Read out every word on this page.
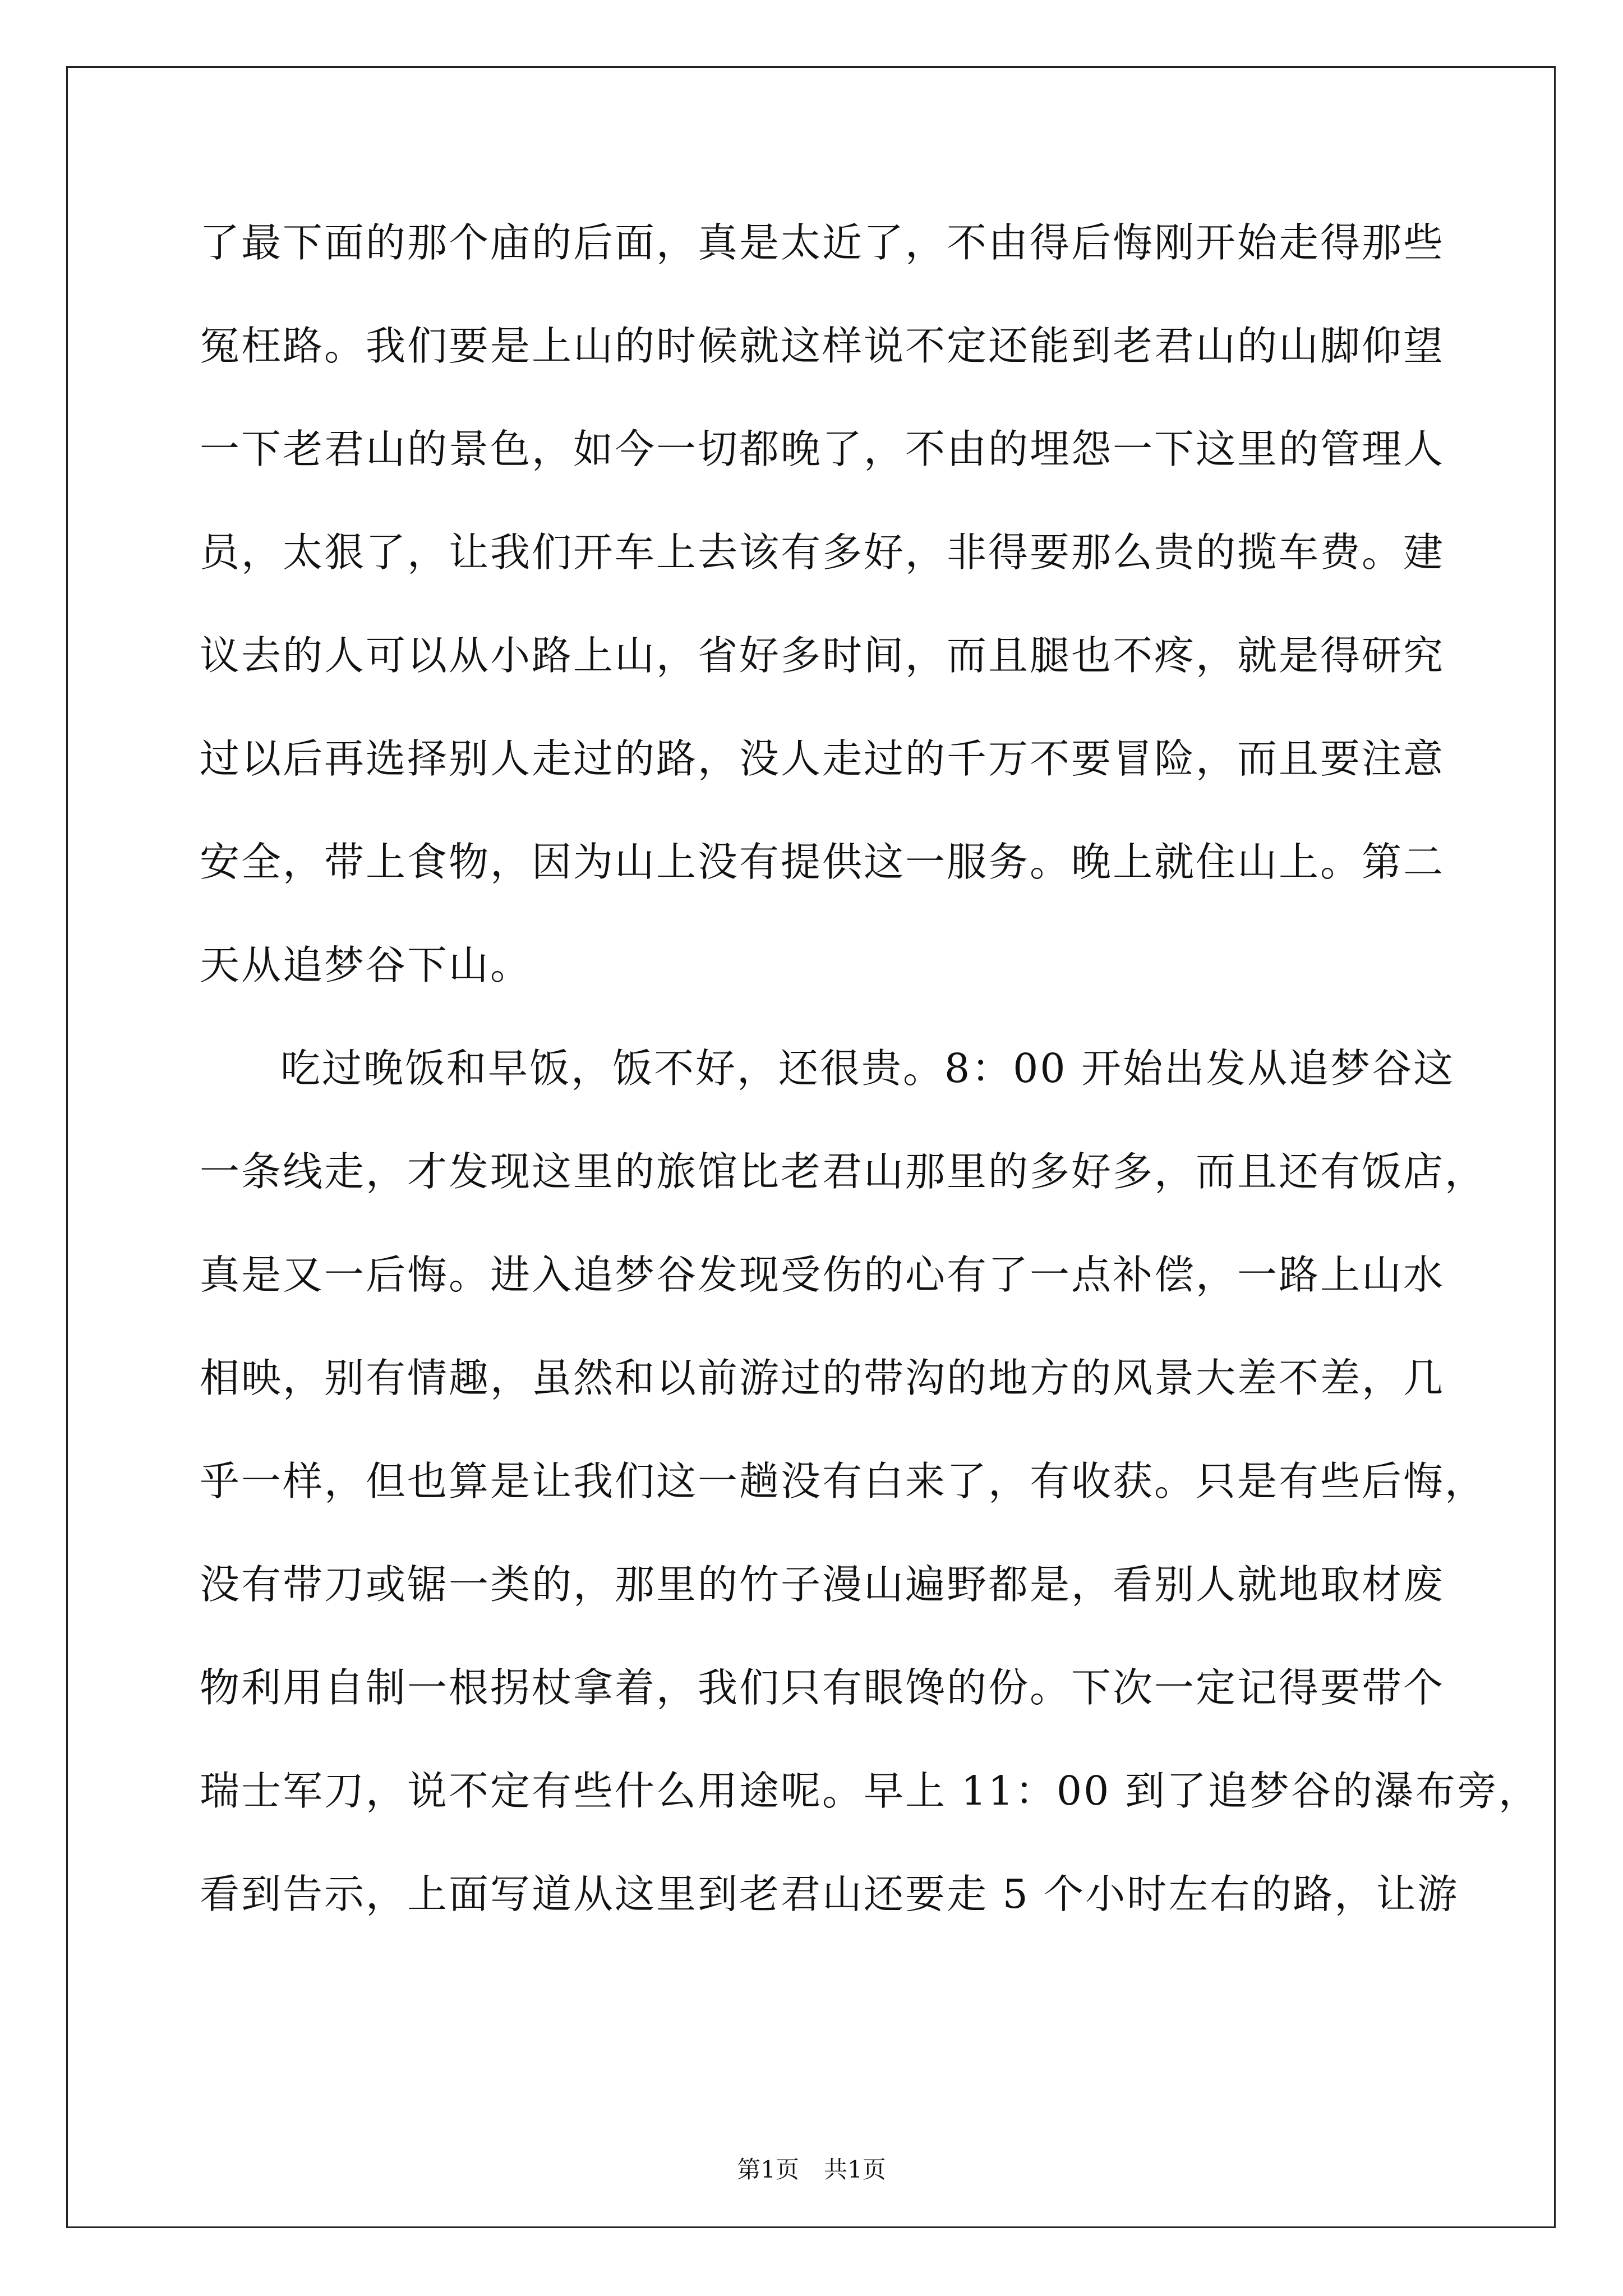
了最下面的那个庙的后面，真是太近了，不由得后悔刚开始走得那些
冤枉路。我们要是上山的时候就这样说不定还能到老君山的山脚仰望
一下老君山的景色，如今一切都晚了，不由的埋怨一下这里的管理人
员，太狠了，让我们开车上去该有多好，非得要那么贵的揽车费。建
议去的人可以从小路上山，省好多时间，而且腿也不疼，就是得研究
过以后再选择别人走过的路，没人走过的千万不要冒险，而且要注意
安全，带上食物，因为山上没有提供这一服务。晚上就住山上。第二
天从追梦谷下山。
吃过晚饭和早饭，饭不好，还很贵。8：00 开始出发从追梦谷这
一条线走，才发现这里的旅馆比老君山那里的多好多，而且还有饭店，
真是又一后悔。进入追梦谷发现受伤的心有了一点补偿，一路上山水
相映，别有情趣，虽然和以前游过的带沟的地方的风景大差不差，几
乎一样，但也算是让我们这一趟没有白来了，有收获。只是有些后悔，
没有带刀或锯一类的，那里的竹子漫山遍野都是，看别人就地取材废
物利用自制一根拐杖拿着，我们只有眼馋的份。下次一定记得要带个
瑞士军刀，说不定有些什么用途呢。早上 11：00 到了追梦谷的瀑布旁，
看到告示，上面写道从这里到老君山还要走 5 个小时左右的路，让游
第1页 共1页
